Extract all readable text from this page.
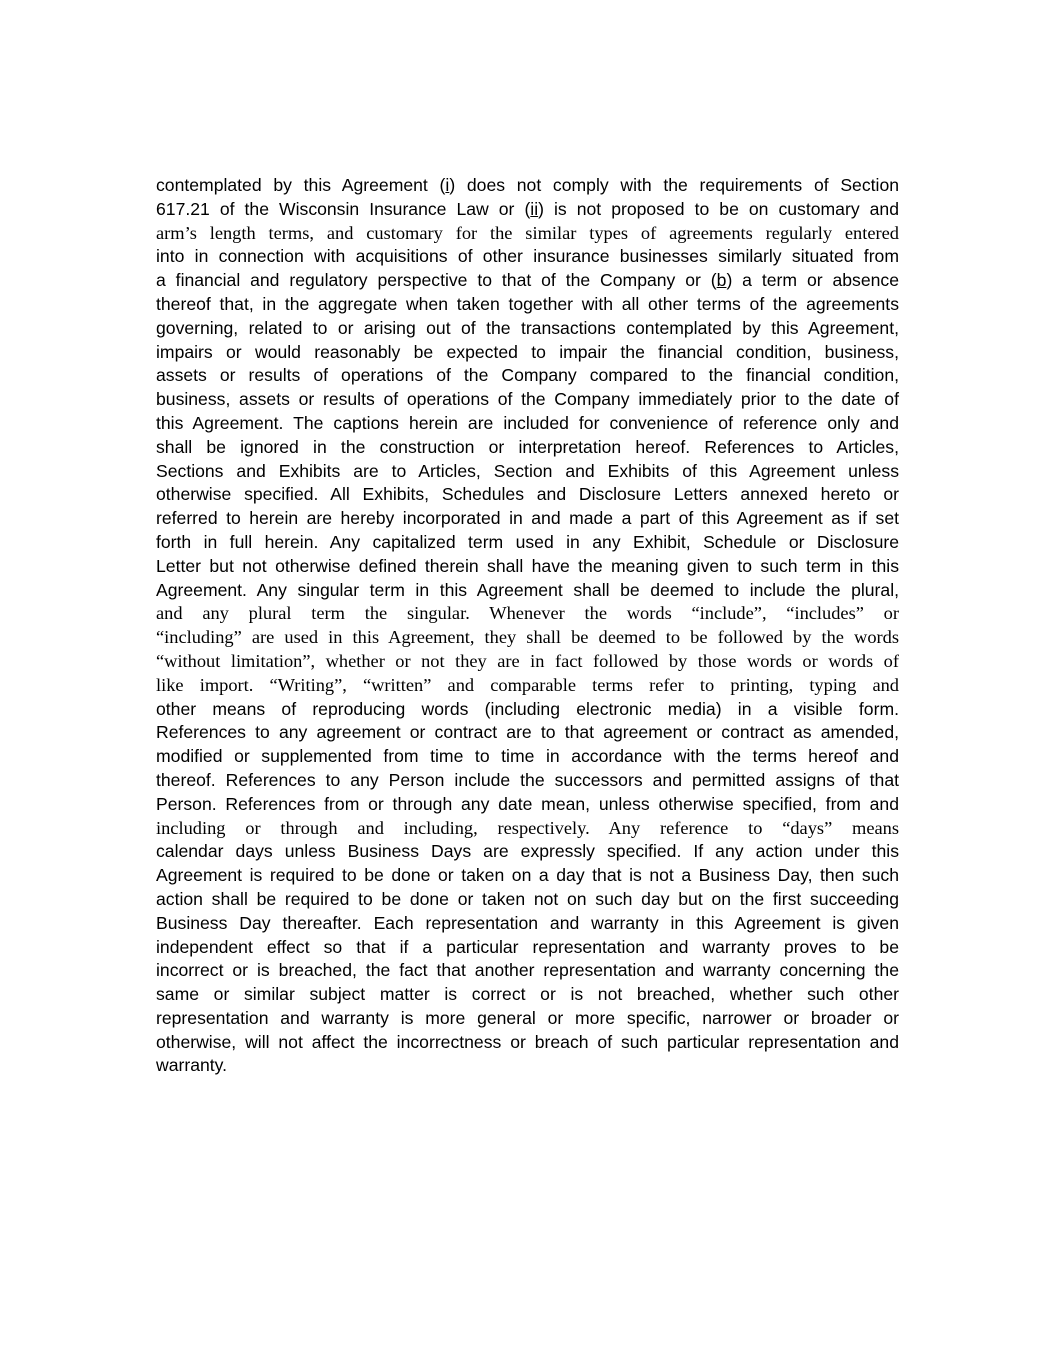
contemplated by this Agreement (i) does not comply with the requirements of Section
617.21 of the Wisconsin Insurance Law or (ii) is not proposed to be on customary and
arm’s length terms, and customary for the similar types of agreements regularly entered
into in connection with acquisitions of other insurance businesses similarly situated from
a financial and regulatory perspective to that of the Company or (b) a term or absence
thereof that, in the aggregate when taken together with all other terms of the agreements
governing, related to or arising out of the transactions contemplated by this Agreement,
impairs or would reasonably be expected to impair the financial condition, business,
assets or results of operations of the Company compared to the financial condition,
business, assets or results of operations of the Company immediately prior to the date of
this Agreement. The captions herein are included for convenience of reference only and
shall be ignored in the construction or interpretation hereof. References to Articles,
Sections and Exhibits are to Articles, Section and Exhibits of this Agreement unless
otherwise specified. All Exhibits, Schedules and Disclosure Letters annexed hereto or
referred to herein are hereby incorporated in and made a part of this Agreement as if set
forth in full herein. Any capitalized term used in any Exhibit, Schedule or Disclosure
Letter but not otherwise defined therein shall have the meaning given to such term in this
Agreement. Any singular term in this Agreement shall be deemed to include the plural,
and any plural term the singular. Whenever the words “include”, “includes” or
“including” are used in this Agreement, they shall be deemed to be followed by the words
“without limitation”, whether or not they are in fact followed by those words or words of
like import. “Writing”, “written” and comparable terms refer to printing, typing and
other means of reproducing words (including electronic media) in a visible form.
References to any agreement or contract are to that agreement or contract as amended,
modified or supplemented from time to time in accordance with the terms hereof and
thereof. References to any Person include the successors and permitted assigns of that
Person. References from or through any date mean, unless otherwise specified, from and
including or through and including, respectively. Any reference to “days” means
calendar days unless Business Days are expressly specified. If any action under this
Agreement is required to be done or taken on a day that is not a Business Day, then such
action shall be required to be done or taken not on such day but on the first succeeding
Business Day thereafter. Each representation and warranty in this Agreement is given
independent effect so that if a particular representation and warranty proves to be
incorrect or is breached, the fact that another representation and warranty concerning the
same or similar subject matter is correct or is not breached, whether such other
representation and warranty is more general or more specific, narrower or broader or
otherwise, will not affect the incorrectness or breach of such particular representation and
warranty.
